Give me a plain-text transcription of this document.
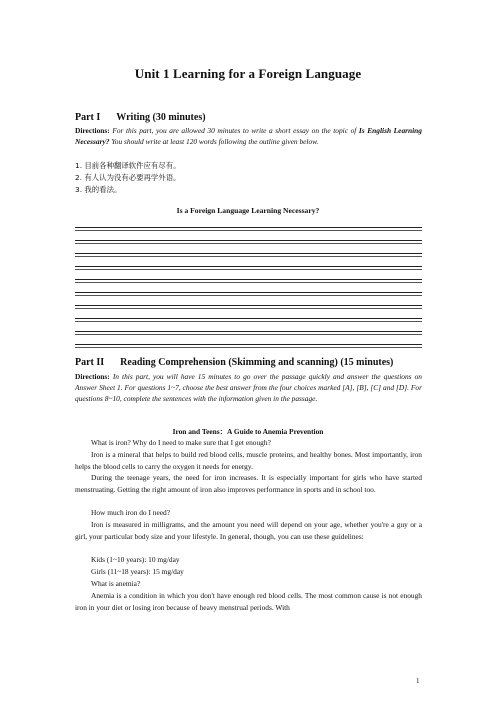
Unit 1 Learning for a Foreign Language
Part I Writing (30 minutes)
Directions: For this part, you are allowed 30 minutes to write a short essay on the topic of Is English Learning Necessary? You should write at least 120 words following the outline given below.
1. 目前各种翻译软件应有尽有。
2. 有人认为没有必要再学外语。
3. 我的看法。
Is a Foreign Language Learning Necessary?
Part II Reading Comprehension (Skimming and scanning) (15 minutes)
Directions: In this part, you will have 15 minutes to go over the passage quickly and answer the questions on Answer Sheet 1. For questions 1~7, choose the best answer from the four choices marked [A], [B], [C] and [D]. For questions 8~10, complete the sentences with the information given in the passage.
Iron and Teens：A Guide to Anemia Prevention
What is iron? Why do I need to make sure that I get enough?
Iron is a mineral that helps to build red blood cells, muscle proteins, and healthy bones. Most importantly, iron helps the blood cells to carry the oxygen it needs for energy.
During the teenage years, the need for iron increases. It is especially important for girls who have started menstruating. Getting the right amount of iron also improves performance in sports and in school too.
How much iron do I need?
Iron is measured in milligrams, and the amount you need will depend on your age, whether you're a guy or a girl, your particular body size and your lifestyle. In general, though, you can use these guidelines:
Kids (1~10 years): 10 mg/day
Girls (11~18 years): 15 mg/day
What is anemia?
Anemia is a condition in which you don't have enough red blood cells. The most common cause is not enough iron in your diet or losing iron because of heavy menstrual periods. With
1
